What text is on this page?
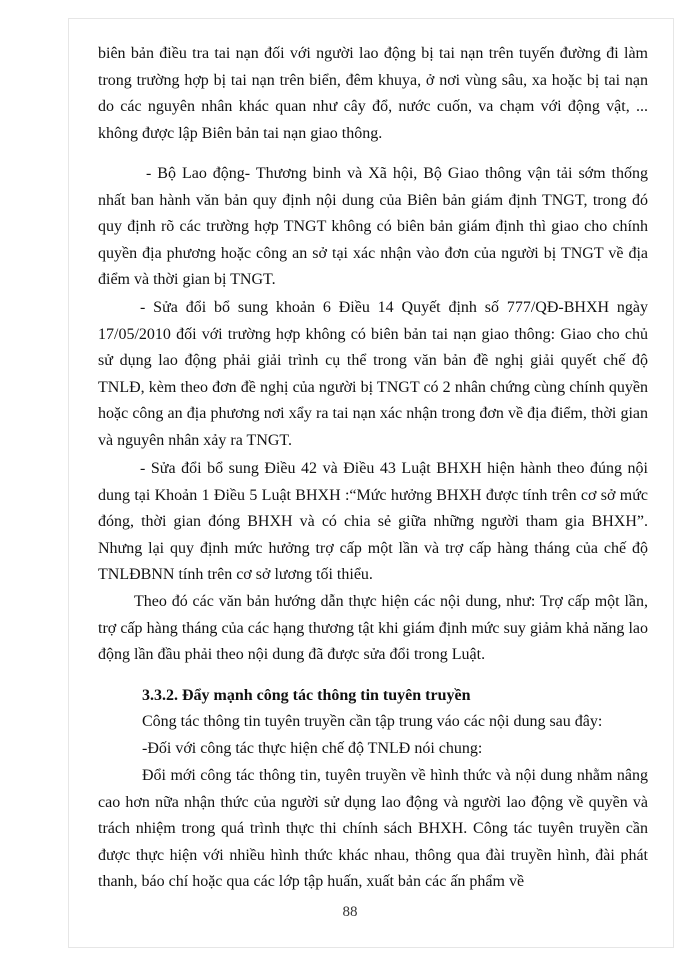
biên bản điều tra tai nạn đối với người lao động bị tai nạn trên tuyến đường đi làm trong trường hợp bị tai nạn trên biển, đêm khuya, ở nơi vùng sâu, xa hoặc bị tai nạn do các nguyên nhân khác quan như cây đổ, nước cuốn, va chạm với động vật, ... không được lập Biên bản tai nạn giao thông.

- Bộ Lao động- Thương binh và Xã hội, Bộ Giao thông vận tải sớm thống nhất ban hành văn bản quy định nội dung của Biên bản giám định TNGT, trong đó quy định rõ các trường hợp TNGT không có biên bản giám định thì giao cho chính quyền địa phương hoặc công an sở tại xác nhận vào đơn của người bị TNGT về địa điểm và thời gian bị TNGT.

- Sửa đổi bổ sung khoản 6 Điều 14 Quyết định số 777/QĐ-BHXH ngày 17/05/2010 đối với trường hợp không có biên bản tai nạn giao thông: Giao cho chủ sử dụng lao động phải giải trình cụ thể trong văn bản đề nghị giải quyết chế độ TNLĐ, kèm theo đơn đề nghị của người bị TNGT có 2 nhân chứng cùng chính quyền hoặc công an địa phương nơi xẩy ra tai nạn xác nhận trong đơn về địa điểm, thời gian và nguyên nhân xảy ra TNGT.

- Sửa đổi bổ sung Điều 42 và Điều 43 Luật BHXH hiện hành theo đúng nội dung tại Khoản 1 Điều 5 Luật BHXH :“Mức hưởng BHXH được tính trên cơ sở mức đóng, thời gian đóng BHXH và có chia sẻ giữa những người tham gia BHXH”. Nhưng lại quy định mức hưởng trợ cấp một lần và trợ cấp hàng tháng của chế độ TNLĐBNN tính trên cơ sở lương tối thiểu.

Theo đó các văn bản hướng dẫn thực hiện các nội dung, như: Trợ cấp một lần, trợ cấp hàng tháng của các hạng thương tật khi giám định mức suy giảm khả năng lao động lần đầu phải theo nội dung đã được sửa đổi trong Luật.

3.3.2. Đẩy mạnh công tác thông tin tuyên truyền

Công tác thông tin tuyên truyền cần tập trung váo các nội dung sau đây:

-Đối với công tác thực hiện chế độ TNLĐ nói chung:

Đổi mới công tác thông tin, tuyên truyền về hình thức và nội dung nhằm nâng cao hơn nữa nhận thức của người sử dụng lao động và người lao động về quyền và trách nhiệm trong quá trình thực thi chính sách BHXH. Công tác tuyên truyền cần được thực hiện với nhiều hình thức khác nhau, thông qua đài truyền hình, đài phát thanh, báo chí hoặc qua các lớp tập huấn, xuất bản các ấn phẩm về

88
